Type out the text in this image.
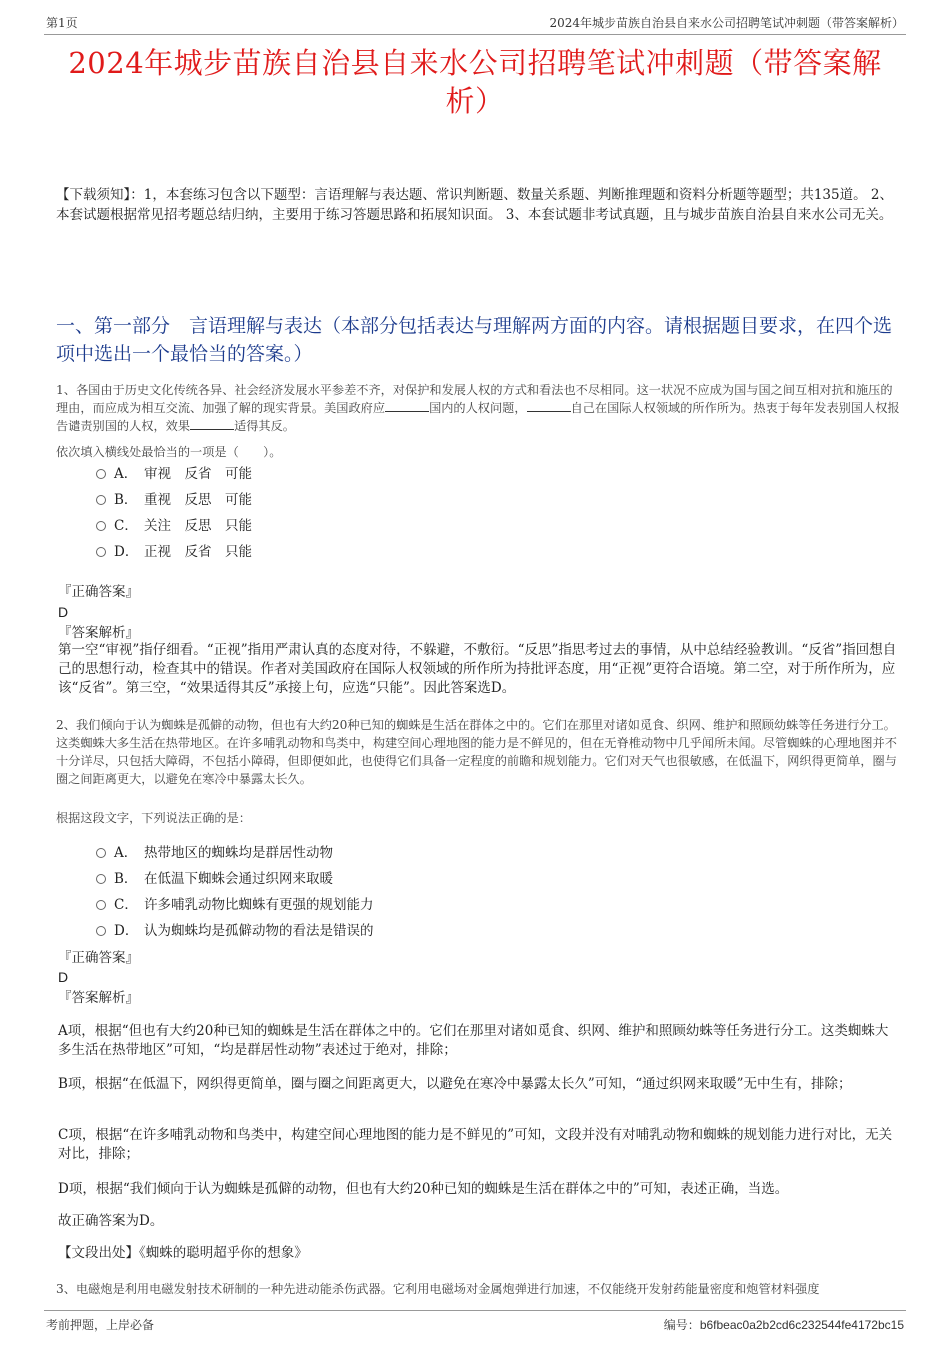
第1页	2024年城步苗族自治县自来水公司招聘笔试冲刺题（带答案解析）
2024年城步苗族自治县自来水公司招聘笔试冲刺题（带答案解析）
【下载须知】：1，本套练习包含以下题型：言语理解与表达题、常识判断题、数量关系题、判断推理题和资料分析题等题型；共135道。 2、本套试题根据常见招考题总结归纳，主要用于练习答题思路和拓展知识面。 3、本套试题非考试真题，且与城步苗族自治县自来水公司无关。
一、第一部分　言语理解与表达（本部分包括表达与理解两方面的内容。请根据题目要求，在四个选项中选出一个最恰当的答案。）
1、各国由于历史文化传统各异、社会经济发展水平参差不齐，对保护和发展人权的方式和看法也不尽相同。这一状况不应成为国与国之间互相对抗和施压的理由，而应成为相互交流、加强了解的现实背景。美国政府应	国内的人权问题，	自己在国际人权领域的所作所为。热衷于每年发表别国人权报告谴责别国的人权，效果	适得其反。
依次填入横线处最恰当的一项是（　　）。
A． 审视　反省　可能
B． 重视　反思　可能
C． 关注　反思　只能
D． 正视　反省　只能
『正确答案』
D
『答案解析』
第一空“审视”指仔细看。“正视”指用严肃认真的态度对待，不躲避，不敷衍。“反思”指思考过去的事情，从中总结经验教训。“反省”指回想自己的思想行动，检查其中的错误。作者对美国政府在国际人权领域的所作所为持批评态度，用“正视”更符合语境。第二空，对于所作所为，应该“反省”。第三空，“效果适得其反”承接上句，应选“只能”。因此答案选D。
2、我们倾向于认为蜘蛛是孤僻的动物，但也有大约20种已知的蜘蛛是生活在群体之中的。它们在那里对诸如觅食、织网、维护和照顾幼蛛等任务进行分工。这类蜘蛛大多生活在热带地区。在许多哺乳动物和鸟类中，构建空间心理地图的能力是不鲜见的，但在无脊椎动物中几乎闻所未闻。尽管蜘蛛的心理地图并不十分详尽，只包括大障碍，不包括小障碍，但即便如此，也使得它们具备一定程度的前瞻和规划能力。它们对天气也很敏感，在低温下，网织得更简单，圈与圈之间距离更大，以避免在寒冷中暴露太长久。
根据这段文字，下列说法正确的是：
A． 热带地区的蜘蛛均是群居性动物
B． 在低温下蜘蛛会通过织网来取暖
C． 许多哺乳动物比蜘蛛有更强的规划能力
D． 认为蜘蛛均是孤僻动物的看法是错误的
『正确答案』
D
『答案解析』
A项，根据“但也有大约20种已知的蜘蛛是生活在群体之中的。它们在那里对诸如觅食、织网、维护和照顾幼蛛等任务进行分工。这类蜘蛛大多生活在热带地区”可知，“均是群居性动物”表述过于绝对，排除；
B项，根据“在低温下，网织得更简单，圈与圈之间距离更大，以避免在寒冷中暴露太长久”可知，“通过织网来取暖”无中生有，排除；
C项，根据“在许多哺乳动物和鸟类中，构建空间心理地图的能力是不鲜见的”可知，文段并没有对哺乳动物和蜘蛛的规划能力进行对比，无关对比，排除；
D项，根据“我们倾向于认为蜘蛛是孤僻的动物，但也有大约20种已知的蜘蛛是生活在群体之中的”可知，表述正确，当选。
故正确答案为D。
【文段出处】《蜘蛛的聪明超乎你的想象》
3、电磁炮是利用电磁发射技术研制的一种先进动能杀伤武器。它利用电磁场对金属炮弹进行加速，不仅能绕开发射药能量密度和炮管材料强度
考前押题，上岸必备	编号：b6fbeac0a2b2cd6c232544fe4172bc15
